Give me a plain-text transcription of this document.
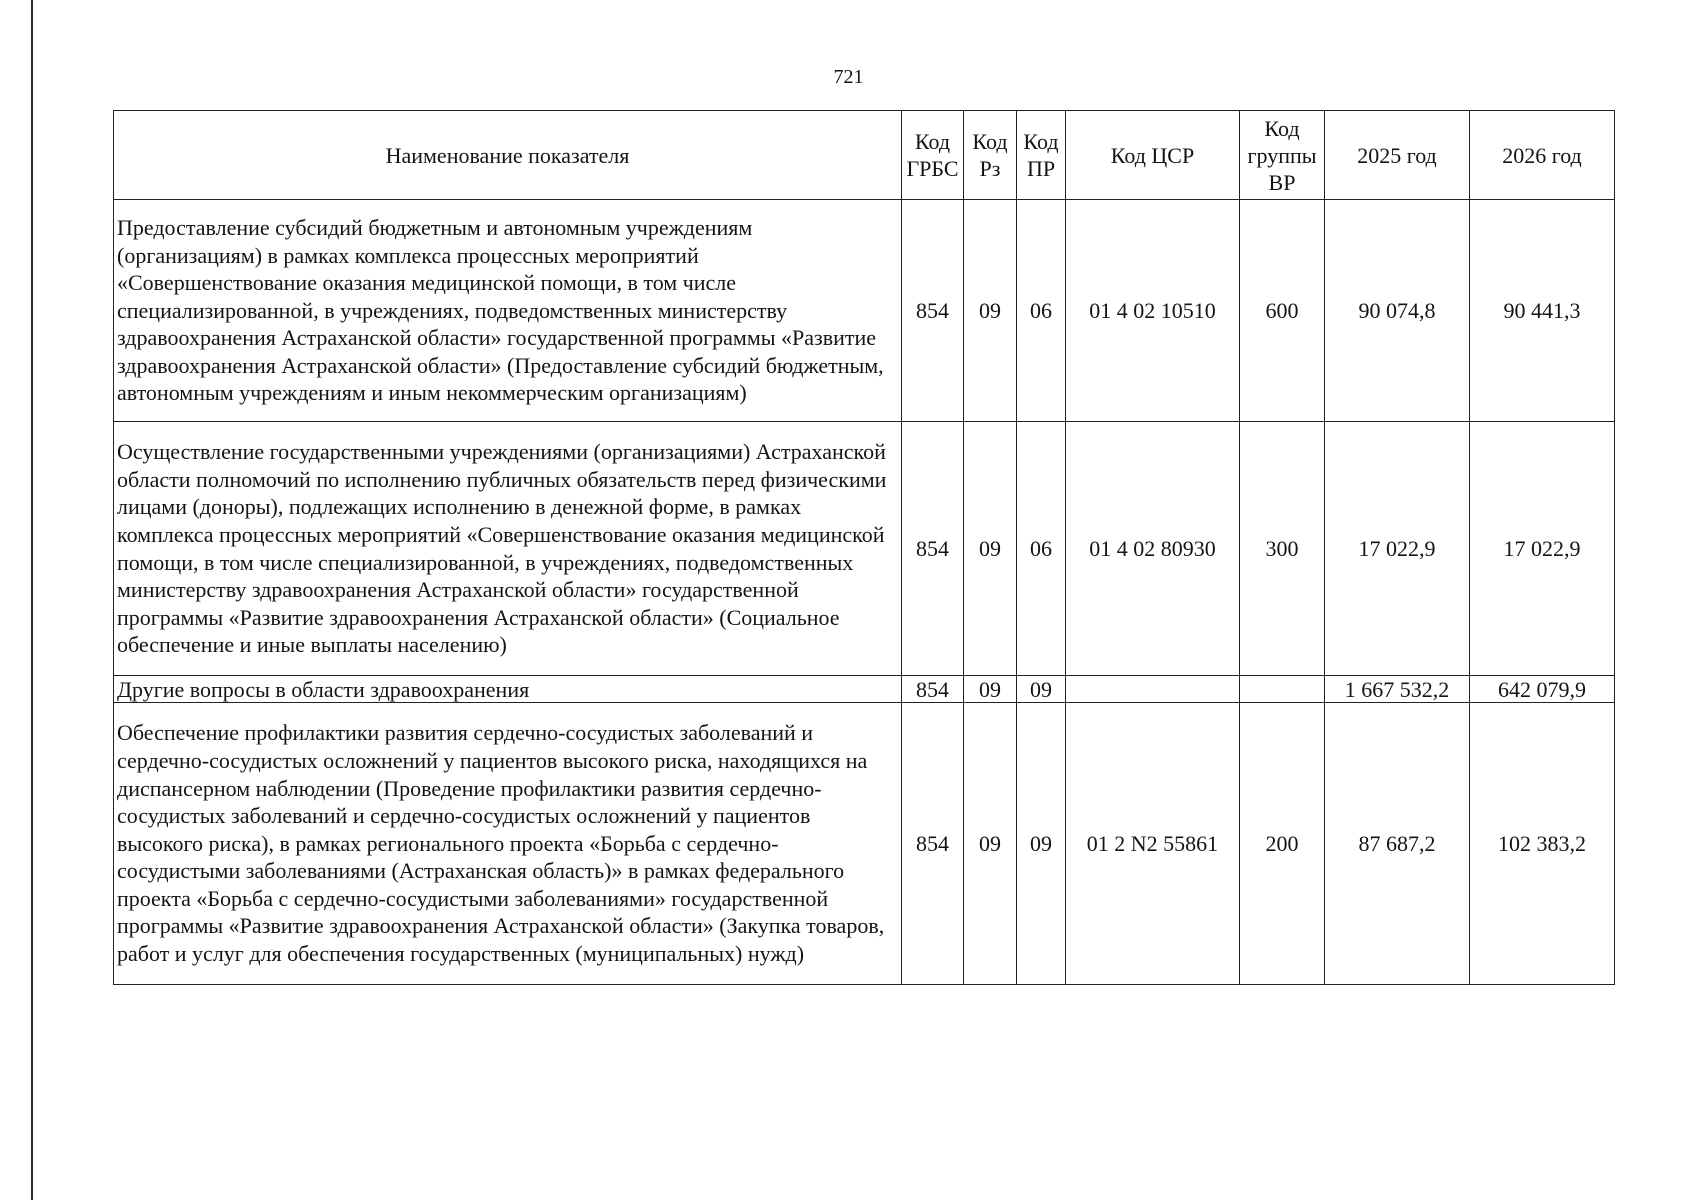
721
Наименование показателя	Код ГРБС	Код Рз	Код ПР	Код ЦСР	Код группы ВР	2025 год	2026 год
Предоставление субсидий бюджетным и автономным учреждениям (организациям) в рамках комплекса процессных мероприятий «Совершенствование оказания медицинской помощи, в том числе специализированной, в учреждениях, подведомственных министерству здравоохранения Астраханской области» государственной программы «Развитие здравоохранения Астраханской области» (Предоставление субсидий бюджетным, автономным учреждениям и иным некоммерческим организациям)	854	09	06	01 4 02 10510	600	90 074,8	90 441,3
Осуществление государственными учреждениями (организациями) Астраханской области полномочий по исполнению публичных обязательств перед физическими лицами (доноры), подлежащих исполнению в денежной форме, в рамках комплекса процессных мероприятий «Совершенствование оказания медицинской помощи, в том числе специализированной, в учреждениях, подведомственных министерству здравоохранения Астраханской области» государственной программы «Развитие здравоохранения Астраханской области» (Социальное обеспечение и иные выплаты населению)	854	09	06	01 4 02 80930	300	17 022,9	17 022,9
Другие вопросы в области здравоохранения	854	09	09			1 667 532,2	642 079,9
Обеспечение профилактики развития сердечно-сосудистых заболеваний и сердечно-сосудистых осложнений у пациентов высокого риска, находящихся на диспансерном наблюдении (Проведение профилактики развития сердечно-сосудистых заболеваний и сердечно-сосудистых осложнений у пациентов высокого риска), в рамках регионального проекта «Борьба с сердечно-сосудистыми заболеваниями (Астраханская область)» в рамках федерального проекта «Борьба с сердечно-сосудистыми заболеваниями» государственной программы «Развитие здравоохранения Астраханской области» (Закупка товаров, работ и услуг для обеспечения государственных (муниципальных) нужд)	854	09	09	01 2 N2 55861	200	87 687,2	102 383,2
